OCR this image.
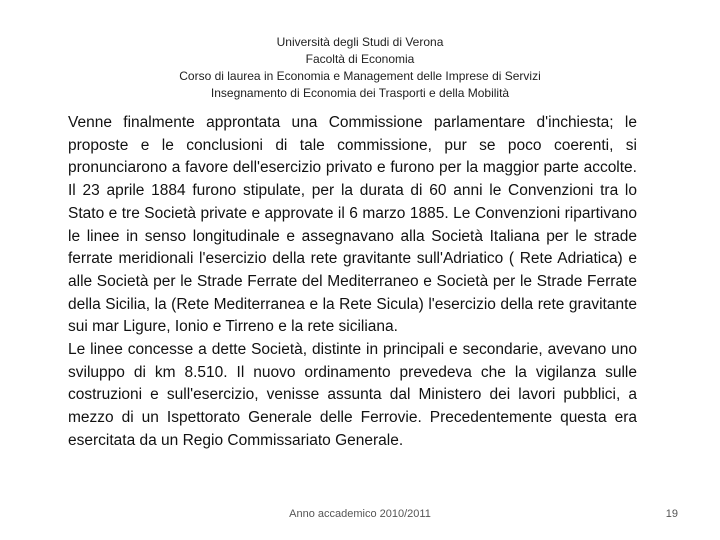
Università degli Studi di Verona
Facoltà di Economia
Corso di laurea in Economia e Management delle Imprese di Servizi
Insegnamento di Economia dei Trasporti e della Mobilità

Venne finalmente approntata una Commissione parlamentare d'inchiesta; le proposte e le conclusioni di tale commissione, pur se poco coerenti, si pronunciarono a favore dell'esercizio privato e furono per la maggior parte accolte. Il 23 aprile 1884 furono stipulate, per la durata di 60 anni le Convenzioni tra lo Stato e tre Società private e approvate il 6 marzo 1885. Le Convenzioni ripartivano le linee in senso longitudinale e assegnavano alla Società Italiana per le strade ferrate meridionali l'esercizio della rete gravitante sull'Adriatico ( Rete Adriatica) e alle Società per le Strade Ferrate del Mediterraneo e Società per le Strade Ferrate della Sicilia, la (Rete Mediterranea e la Rete Sicula) l'esercizio della rete gravitante sui mar Ligure, Ionio e Tirreno e la rete siciliana.

Le linee concesse a dette Società, distinte in principali e secondarie, avevano uno sviluppo di km 8.510. Il nuovo ordinamento prevedeva che la vigilanza sulle costruzioni e sull'esercizio, venisse assunta dal Ministero dei lavori pubblici, a mezzo di un Ispettorato Generale delle Ferrovie. Precedentemente questa era esercitata da un Regio Commissariato Generale.

Anno accademico 2010/2011	19
